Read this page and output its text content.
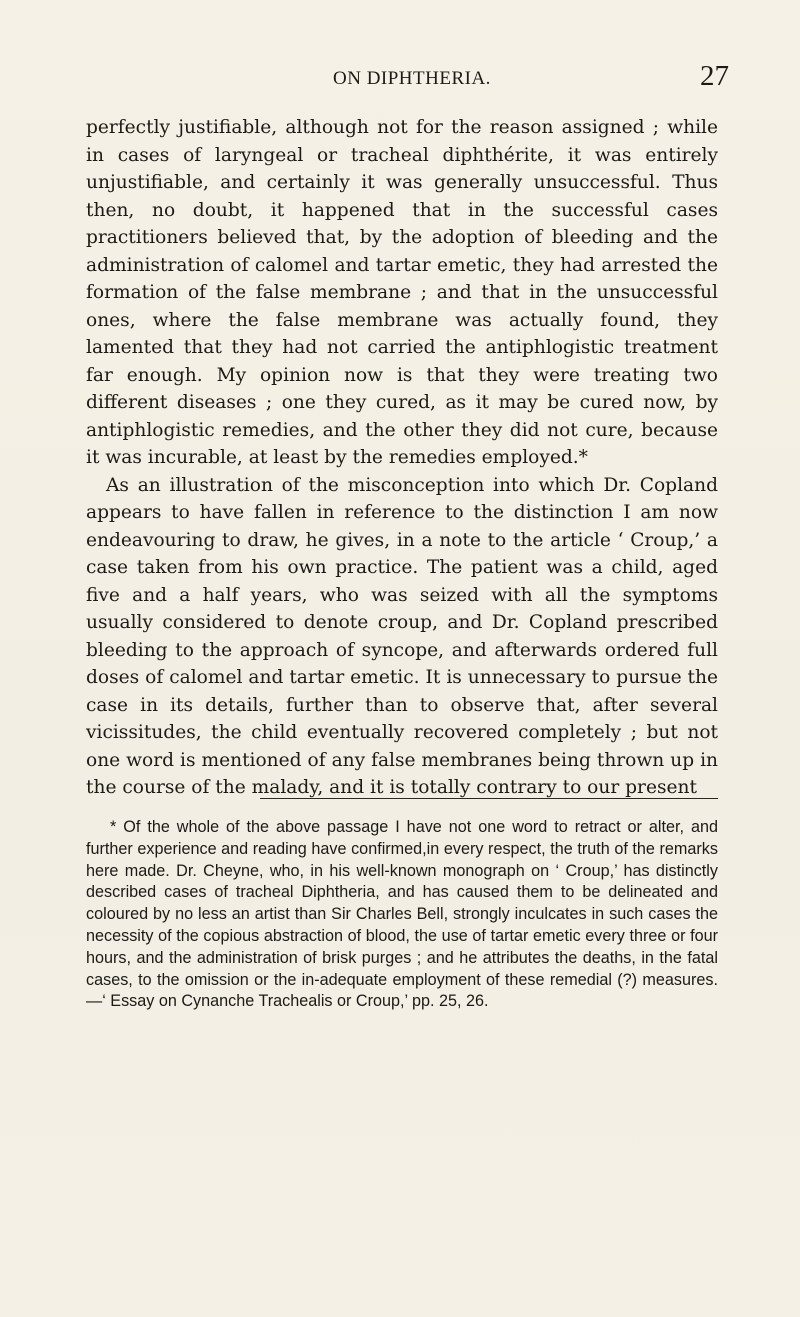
ON DIPHTHERIA.	27

perfectly justifiable, although not for the reason assigned ; while in cases of laryngeal or tracheal diphthérite, it was entirely unjustifiable, and certainly it was generally unsuccessful. Thus then, no doubt, it happened that in the successful cases practitioners believed that, by the adoption of bleeding and the administration of calomel and tartar emetic, they had arrested the formation of the false membrane ; and that in the unsuccessful ones, where the false membrane was actually found, they lamented that they had not carried the antiphlogistic treatment far enough. My opinion now is that they were treating two different diseases ; one they cured, as it may be cured now, by antiphlogistic remedies, and the other they did not cure, because it was incurable, at least by the remedies employed.*

As an illustration of the misconception into which Dr. Copland appears to have fallen in reference to the distinction I am now endeavouring to draw, he gives, in a note to the article ‘ Croup,’ a case taken from his own practice. The patient was a child, aged five and a half years, who was seized with all the symptoms usually considered to denote croup, and Dr. Copland prescribed bleeding to the approach of syncope, and afterwards ordered full doses of calomel and tartar emetic. It is unnecessary to pursue the case in its details, further than to observe that, after several vicissitudes, the child eventually recovered completely ; but not one word is mentioned of any false membranes being thrown up in the course of the malady, and it is totally contrary to our present

* Of the whole of the above passage I have not one word to retract or alter, and further experience and reading have confirmed,in every respect, the truth of the remarks here made. Dr. Cheyne, who, in his well-known monograph on ‘ Croup,’ has distinctly described cases of tracheal Diphtheria, and has caused them to be delineated and coloured by no less an artist than Sir Charles Bell, strongly inculcates in such cases the necessity of the copious abstraction of blood, the use of tartar emetic every three or four hours, and the administration of brisk purges ; and he attributes the deaths, in the fatal cases, to the omission or the in-adequate employment of these remedial (?) measures.—‘ Essay on Cynanche Trachealis or Croup,’ pp. 25, 26.
